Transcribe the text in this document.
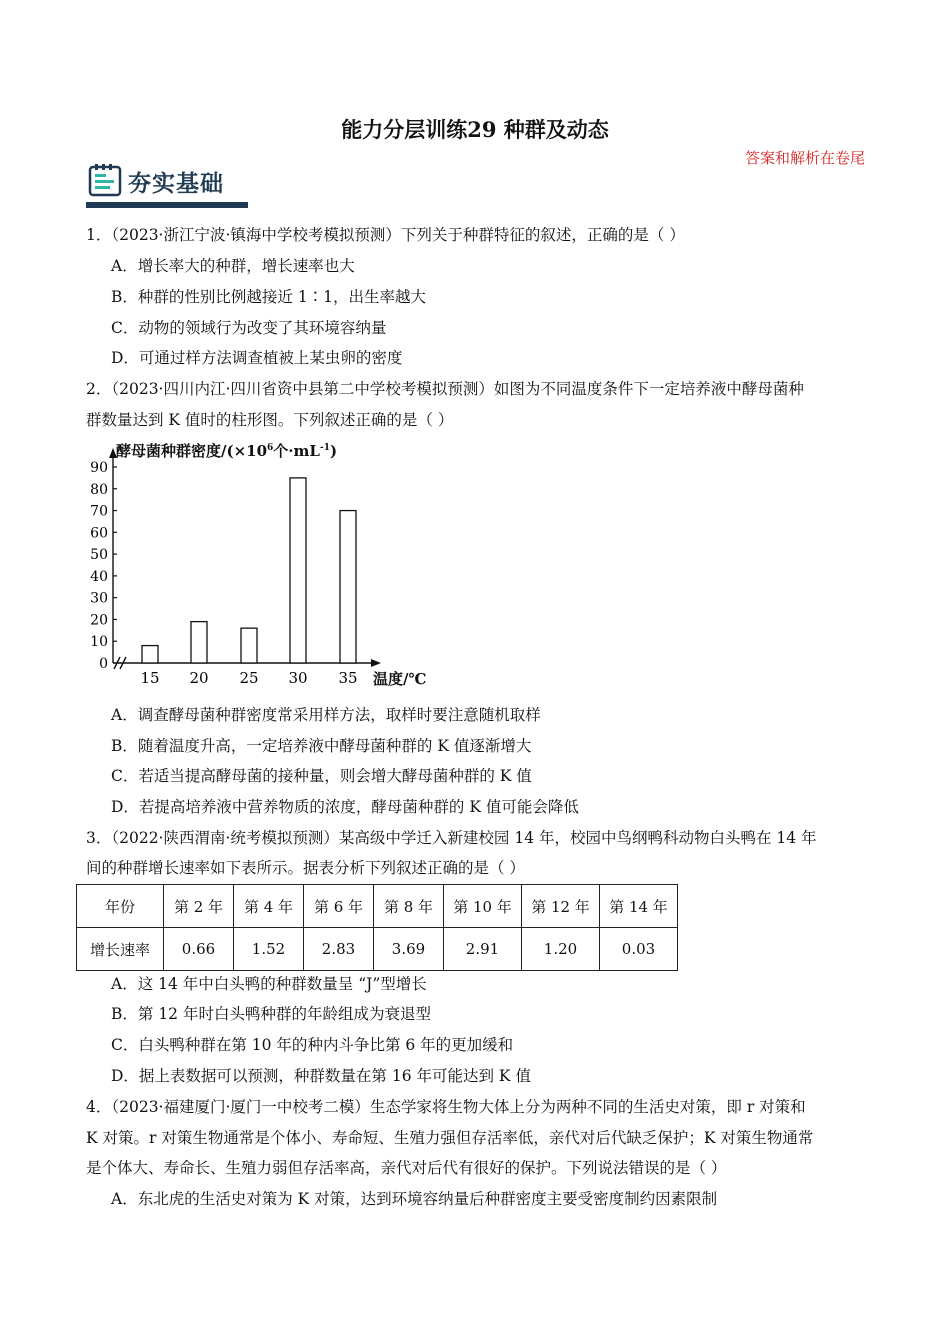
能力分层训练29 种群及动态
答案和解析在卷尾
夯实基础
1．（2023·浙江宁波·镇海中学校考模拟预测）下列关于种群特征的叙述，正确的是（ ）
A．增长率大的种群，增长速率也大
B．种群的性别比例越接近 1∶1，出生率越大
C．动物的领域行为改变了其环境容纳量
D．可通过样方法调查植被上某虫卵的密度
2．（2023·四川内江·四川省资中县第二中学校考模拟预测）如图为不同温度条件下一定培养液中酵母菌种
群数量达到 K 值时的柱形图。下列叙述正确的是（ ）
酵母菌种群密度$/(\times 10^6$个$\cdot mL^{-1}$)
温度/℃
0
10
20
30
40
50
60
70
80
90
15 20 25 30 35
A．调查酵母菌种群密度常采用样方法，取样时要注意随机取样
B．随着温度升高，一定培养液中酵母菌种群的 K 值逐渐增大
C．若适当提高酵母菌的接种量，则会增大酵母菌种群的 K 值
D．若提高培养液中营养物质的浓度，酵母菌种群的 K 值可能会降低
3．（2022·陕西渭南·统考模拟预测）某高级中学迁入新建校园 14 年，校园中鸟纲鸭科动物白头鸭在 14 年
间的种群增长速率如下表所示。据表分析下列叙述正确的是（ ）
年份	第 2 年	第 4 年	第 6 年	第 8 年	第 10 年	第 12 年	第 14 年
增长速率	0.66	1.52	2.83	3.69	2.91	1.20	0.03
A．这 14 年中白头鸭的种群数量呈 “J”型增长
B．第 12 年时白头鸭种群的年龄组成为衰退型
C．白头鸭种群在第 10 年的种内斗争比第 6 年的更加缓和
D．据上表数据可以预测，种群数量在第 16 年可能达到 K 值
4．（2023·福建厦门·厦门一中校考二模）生态学家将生物大体上分为两种不同的生活史对策，即 r 对策和
K 对策。r 对策生物通常是个体小、寿命短、生殖力强但存活率低，亲代对后代缺乏保护；K 对策生物通常
是个体大、寿命长、生殖力弱但存活率高，亲代对后代有很好的保护。下列说法错误的是（ ）
A．东北虎的生活史对策为 K 对策，达到环境容纳量后种群密度主要受密度制约因素限制
